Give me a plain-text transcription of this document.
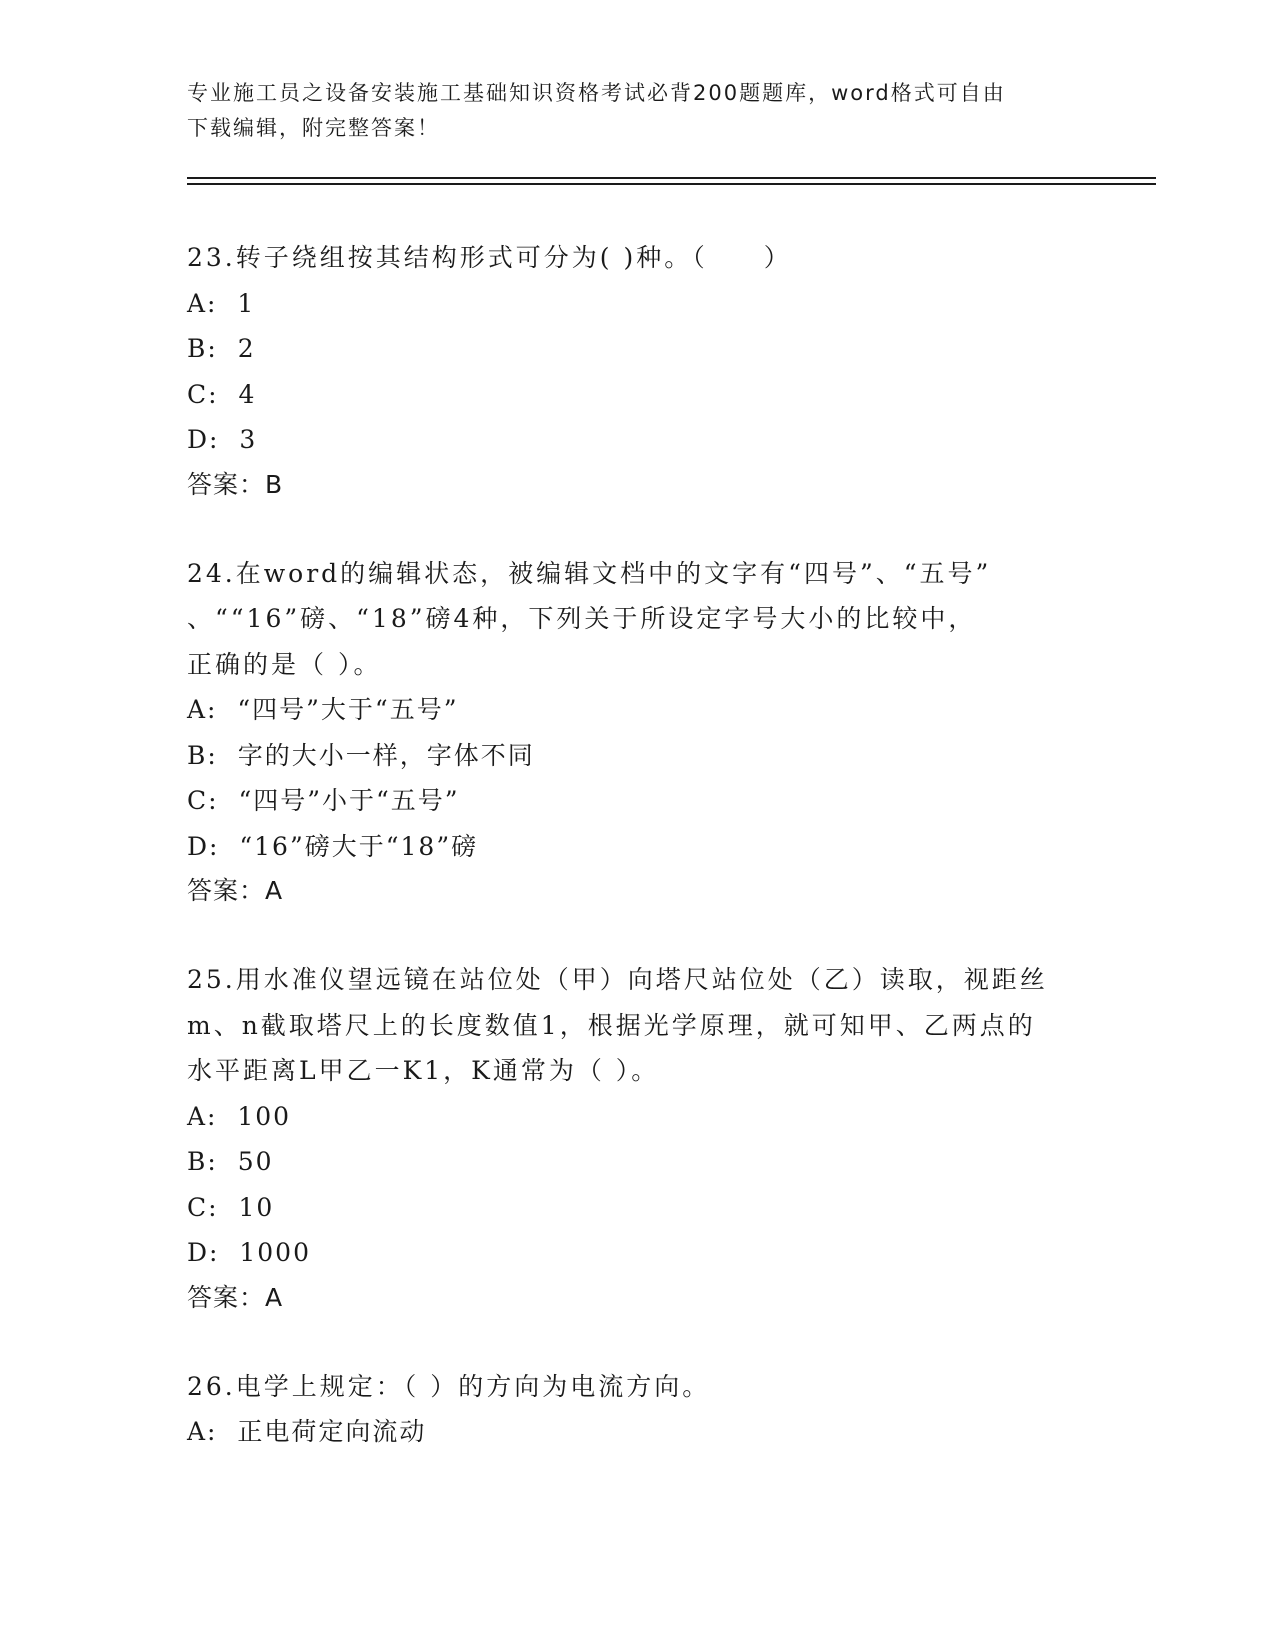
专业施工员之设备安装施工基础知识资格考试必背200题题库，word格式可自由
下载编辑，附完整答案！
23.转子绕组按其结构形式可分为( )种。（　　）
A:  1
B:  2
C:  4
D:  3
答案：B
24.在word的编辑状态，被编辑文档中的文字有“四号”、“五号”
、““16”磅、“18”磅4种，下列关于所设定字号大小的比较中，
正确的是（ ）。
A:  “四号”大于“五号”
B:  字的大小一样，字体不同
C:  “四号”小于“五号”
D:  “16”磅大于“18”磅
答案：A
25.用水准仪望远镜在站位处（甲）向塔尺站位处（乙）读取，视距丝
m、n截取塔尺上的长度数值1，根据光学原理，就可知甲、乙两点的
水平距离L甲乙一K1，K通常为（ ）。
A:  100
B:  50
C:  10
D:  1000
答案：A
26.电学上规定：（ ）的方向为电流方向。
A:  正电荷定向流动
